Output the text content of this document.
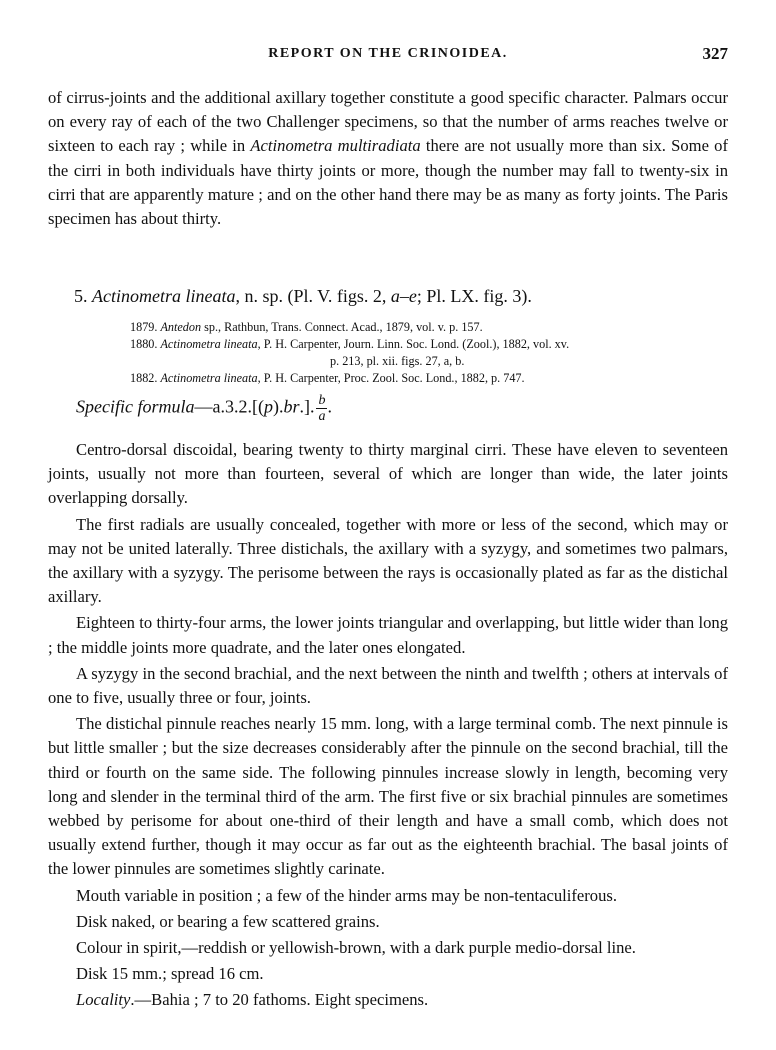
REPORT ON THE CRINOIDEA.	327

of cirrus-joints and the additional axillary together constitute a good specific character. Palmars occur on every ray of each of the two Challenger specimens, so that the number of arms reaches twelve or sixteen to each ray ; while in Actinometra multiradiata there are not usually more than six. Some of the cirri in both individuals have thirty joints or more, though the number may fall to twenty-six in cirri that are apparently mature ; and on the other hand there may be as many as forty joints. The Paris specimen has about thirty.

5. Actinometra lineata, n. sp. (Pl. V. figs. 2, a–e; Pl. LX. fig. 3).

1879. Antedon sp., Rathbun, Trans. Connect. Acad., 1879, vol. v. p. 157.

1880. Actinometra lineata, P. H. Carpenter, Journ. Linn. Soc. Lond. (Zool.), 1882, vol. xv.

p. 213, pl. xii. figs. 27, a, b.

1882. Actinometra lineata, P. H. Carpenter, Proc. Zool. Soc. Lond., 1882, p. 747.

Specific formula—a.3.2.[(p).br.]. $\frac{b}{a}$ .

Centro-dorsal discoidal, bearing twenty to thirty marginal cirri. These have eleven to seventeen joints, usually not more than fourteen, several of which are longer than wide, the later joints overlapping dorsally.

The first radials are usually concealed, together with more or less of the second, which may or may not be united laterally. Three distichals, the axillary with a syzygy, and sometimes two palmars, the axillary with a syzygy. The perisome between the rays is occasionally plated as far as the distichal axillary.

Eighteen to thirty-four arms, the lower joints triangular and overlapping, but little wider than long ; the middle joints more quadrate, and the later ones elongated.

A syzygy in the second brachial, and the next between the ninth and twelfth ; others at intervals of one to five, usually three or four, joints.

The distichal pinnule reaches nearly 15 mm. long, with a large terminal comb. The next pinnule is but little smaller ; but the size decreases considerably after the pinnule on the second brachial, till the third or fourth on the same side. The following pinnules increase slowly in length, becoming very long and slender in the terminal third of the arm. The first five or six brachial pinnules are sometimes webbed by perisome for about one-third of their length and have a small comb, which does not usually extend further, though it may occur as far out as the eighteenth brachial. The basal joints of the lower pinnules are sometimes slightly carinate.

Mouth variable in position ; a few of the hinder arms may be non-tentaculiferous.

Disk naked, or bearing a few scattered grains.

Colour in spirit,—reddish or yellowish-brown, with a dark purple medio-dorsal line.

Disk 15 mm.; spread 16 cm.

Locality.—Bahia ; 7 to 20 fathoms. Eight specimens.
